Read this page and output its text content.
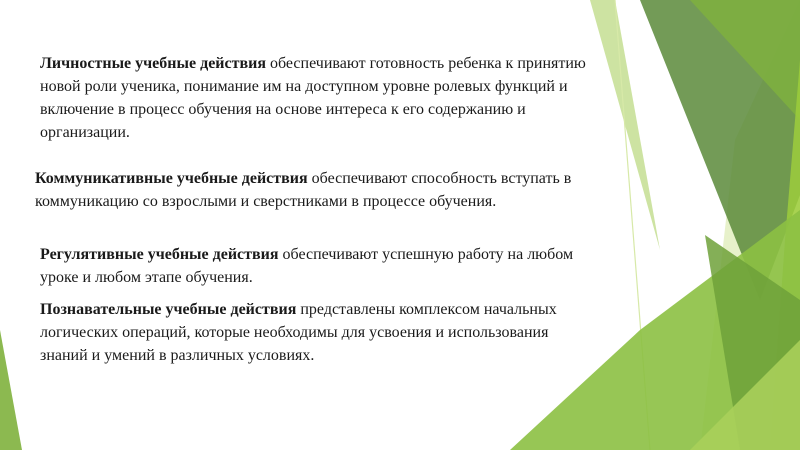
Личностные учебные действия обеспечивают готовность ребенка к принятию новой роли ученика, понимание им на доступном уровне ролевых функций и включение в процесс обучения на основе интереса к его содержанию и организации.

Коммуникативные учебные действия обеспечивают способность вступать в коммуникацию со взрослыми и сверстниками в процессе обучения.

Регулятивные учебные действия обеспечивают успешную работу на любом уроке и любом этапе обучения.

Познавательные учебные действия представлены комплексом начальных логических операций, которые необходимы для усвоения и использования знаний и умений в различных условиях.
